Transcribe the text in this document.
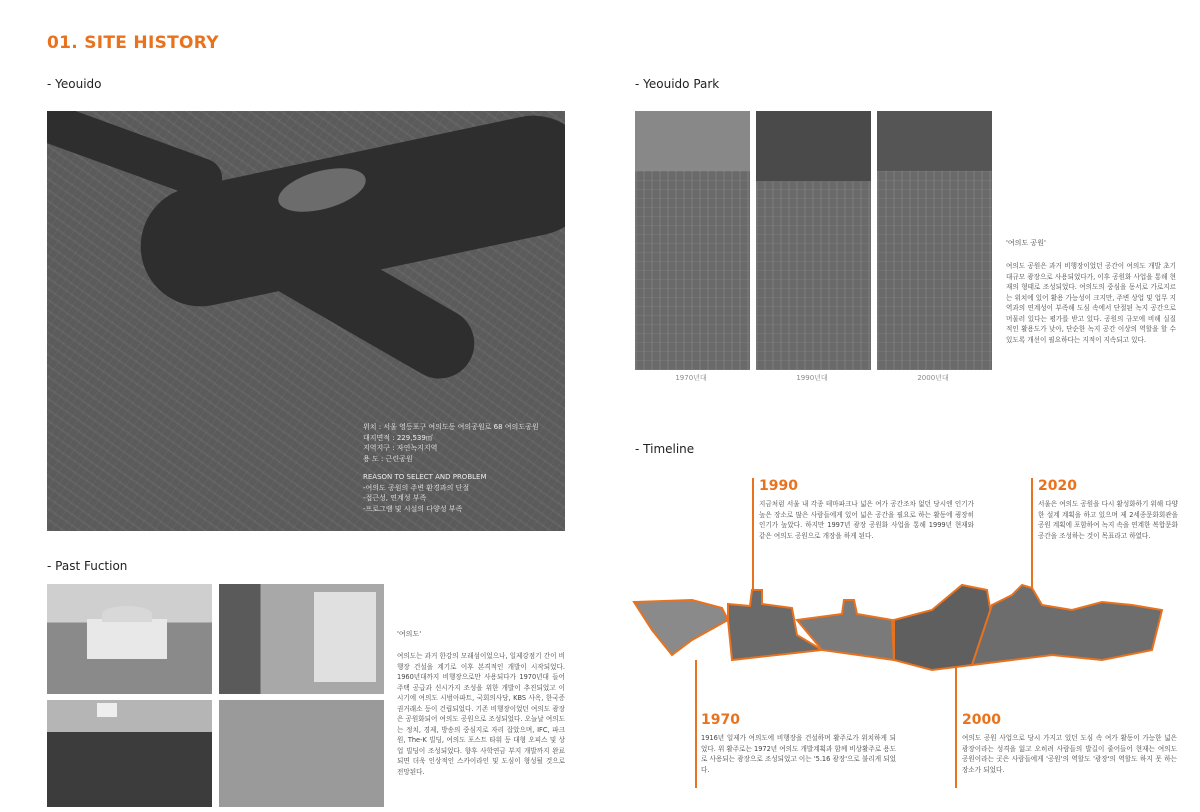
01. SITE HISTORY
- Yeouido
위치 : 서울 영등포구 여의도동 여의공원로 68 여의도공원
대지면적 : 229,539㎡
지역지구 : 자연녹지지역
용 도 : 근린공원
REASON TO SELECT AND PROBLEM
-여의도 공원의 주변 환경과의 단절
-접근성, 연계성 부족
-프로그램 및 시설의 다양성 부족
- Past Fuction
'여의도'
여의도는 과거 한강의 모래섬이었으나, 일제강점기 간이 비행장 건설을 계기로 이후 본격적인 개발이 시작되었다. 1960년대까지 비행장으로만 사용되다가 1970년대 들어 주택 공급과 신시가지 조성을 위한 개발이 추진되었고 이 시기에 여의도 시범아파트, 국회의사당, KBS 사옥, 한국증권거래소 등이 건립되었다. 기존 비행장이었던 여의도 광장은 공원화되어 여의도 공원으로 조성되었다. 오늘날 여의도는 정치, 경제, 방송의 중심지로 자리 잡았으며, IFC, 파크원, The-K 빌딩, 여의도 포스트 타워 등 대형 오피스 및 상업 빌딩이 조성되었다. 향후 사학연금 부지 개발까지 완료되면 더욱 인상적인 스카이라인 및 도심이 형성될 것으로 전망된다.
- Yeouido Park
1970년대	1990년대	2000년대
'여의도 공원'
여의도 공원은 과거 비행장이었던 공간이 여의도 개발 초기 대규모 광장으로 사용되었다가, 이후 공원화 사업을 통해 현재의 형태로 조성되었다. 여의도의 중심을 동서로 가로지르는 위치에 있어 활용 가능성이 크지만, 주변 상업 및 업무 지역과의 연계성이 부족해 도심 속에서 단절된 녹지 공간으로 머물러 있다는 평가를 받고 있다. 공원의 규모에 비해 실질적인 활용도가 낮아, 단순한 녹지 공간 이상의 역할을 할 수 있도록 개선이 필요하다는 지적이 지속되고 있다.
- Timeline
1990
지금처럼 서울 내 각종 테마파크나 넓은 여가 공간조차 없던 당시엔 인기가 높은 장소로 많은 사람들에게 있어 넓은 공간을 필요로 하는 활동에 굉장히 인기가 높았다. 하지만 1997년 광장 공원화 사업을 통해 1999년 현재와 같은 여의도 공원으로 개장을 하게 된다.
2020
서울은 여의도 공원을 다시 활성화하기 위해 다양한 설계 계획을 하고 있으며 제 2세종문화회관을 공원 계획에 포함하여 녹지 속을 연계한 복합문화공간을 조성하는 것이 목표라고 하였다.
1970
1916년 일제가 여의도에 비행장을 건설하며 활주로가 위치하게 되었다. 위 활주로는 1972년 여의도 개발계획과 함께 비상활주로 용도로 사용되는 광장으로 조성되었고 이는 '5.16 광장'으로 불리게 되었다.
2000
여의도 공원 사업으로 당시 가지고 있던 도심 속 여가 활동이 가능한 넓은 광장이라는 성격을 잃고 오히려 사람들의 발길이 줄어들어 현재는 여의도 공원이라는 곳은 사람들에게 '공원'의 역할도 '광장'의 역할도 하지 못 하는 장소가 되었다.
